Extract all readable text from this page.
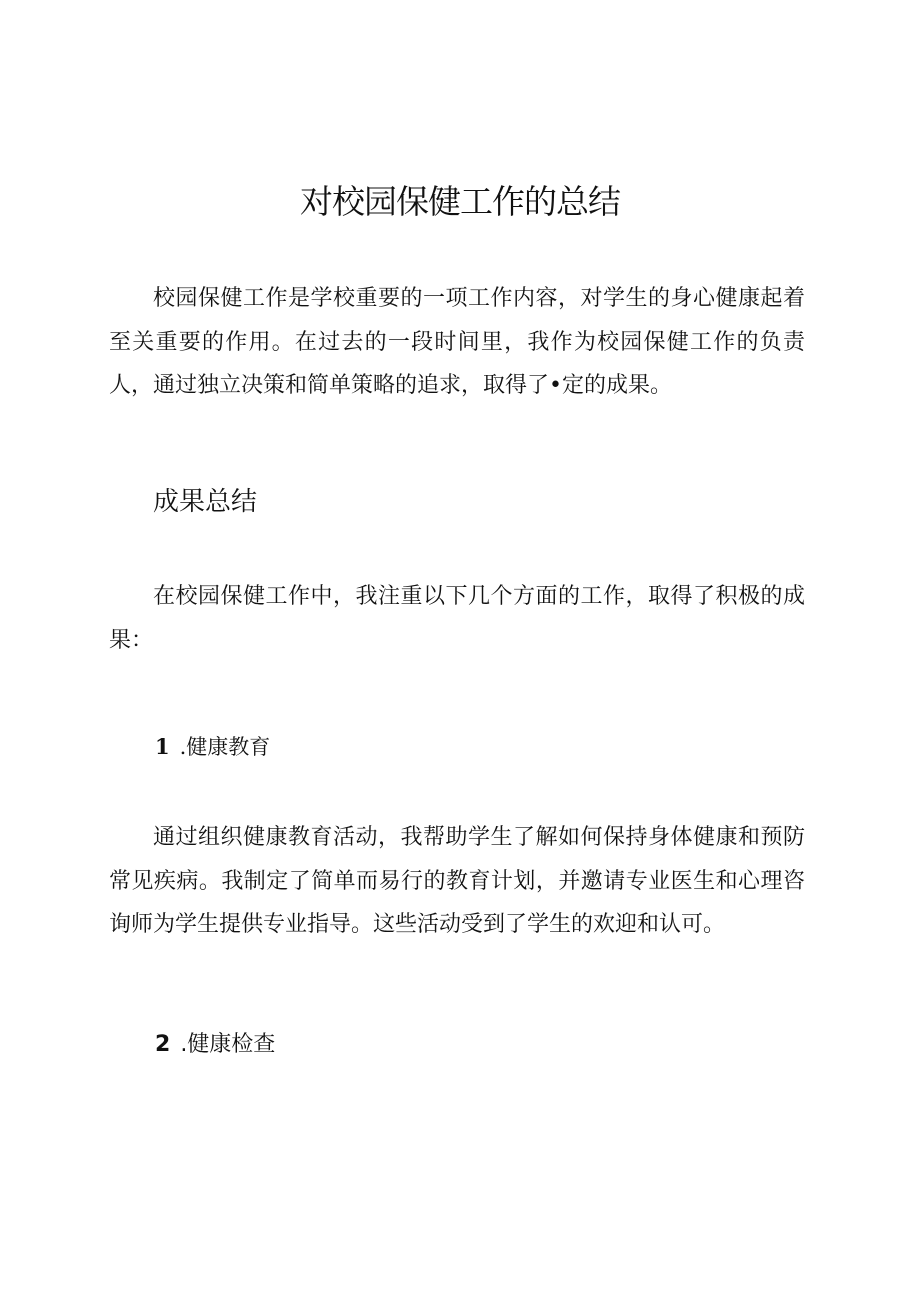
对校园保健工作的总结

校园保健工作是学校重要的一项工作内容，对学生的身心健康起着至关重要的作用。在过去的一段时间里，我作为校园保健工作的负责人，通过独立决策和简单策略的追求，取得了•定的成果。

成果总结

在校园保健工作中，我注重以下几个方面的工作，取得了积极的成果：

1 .健康教育

通过组织健康教育活动，我帮助学生了解如何保持身体健康和预防常见疾病。我制定了简单而易行的教育计划，并邀请专业医生和心理咨询师为学生提供专业指导。这些活动受到了学生的欢迎和认可。

2 .健康检查
